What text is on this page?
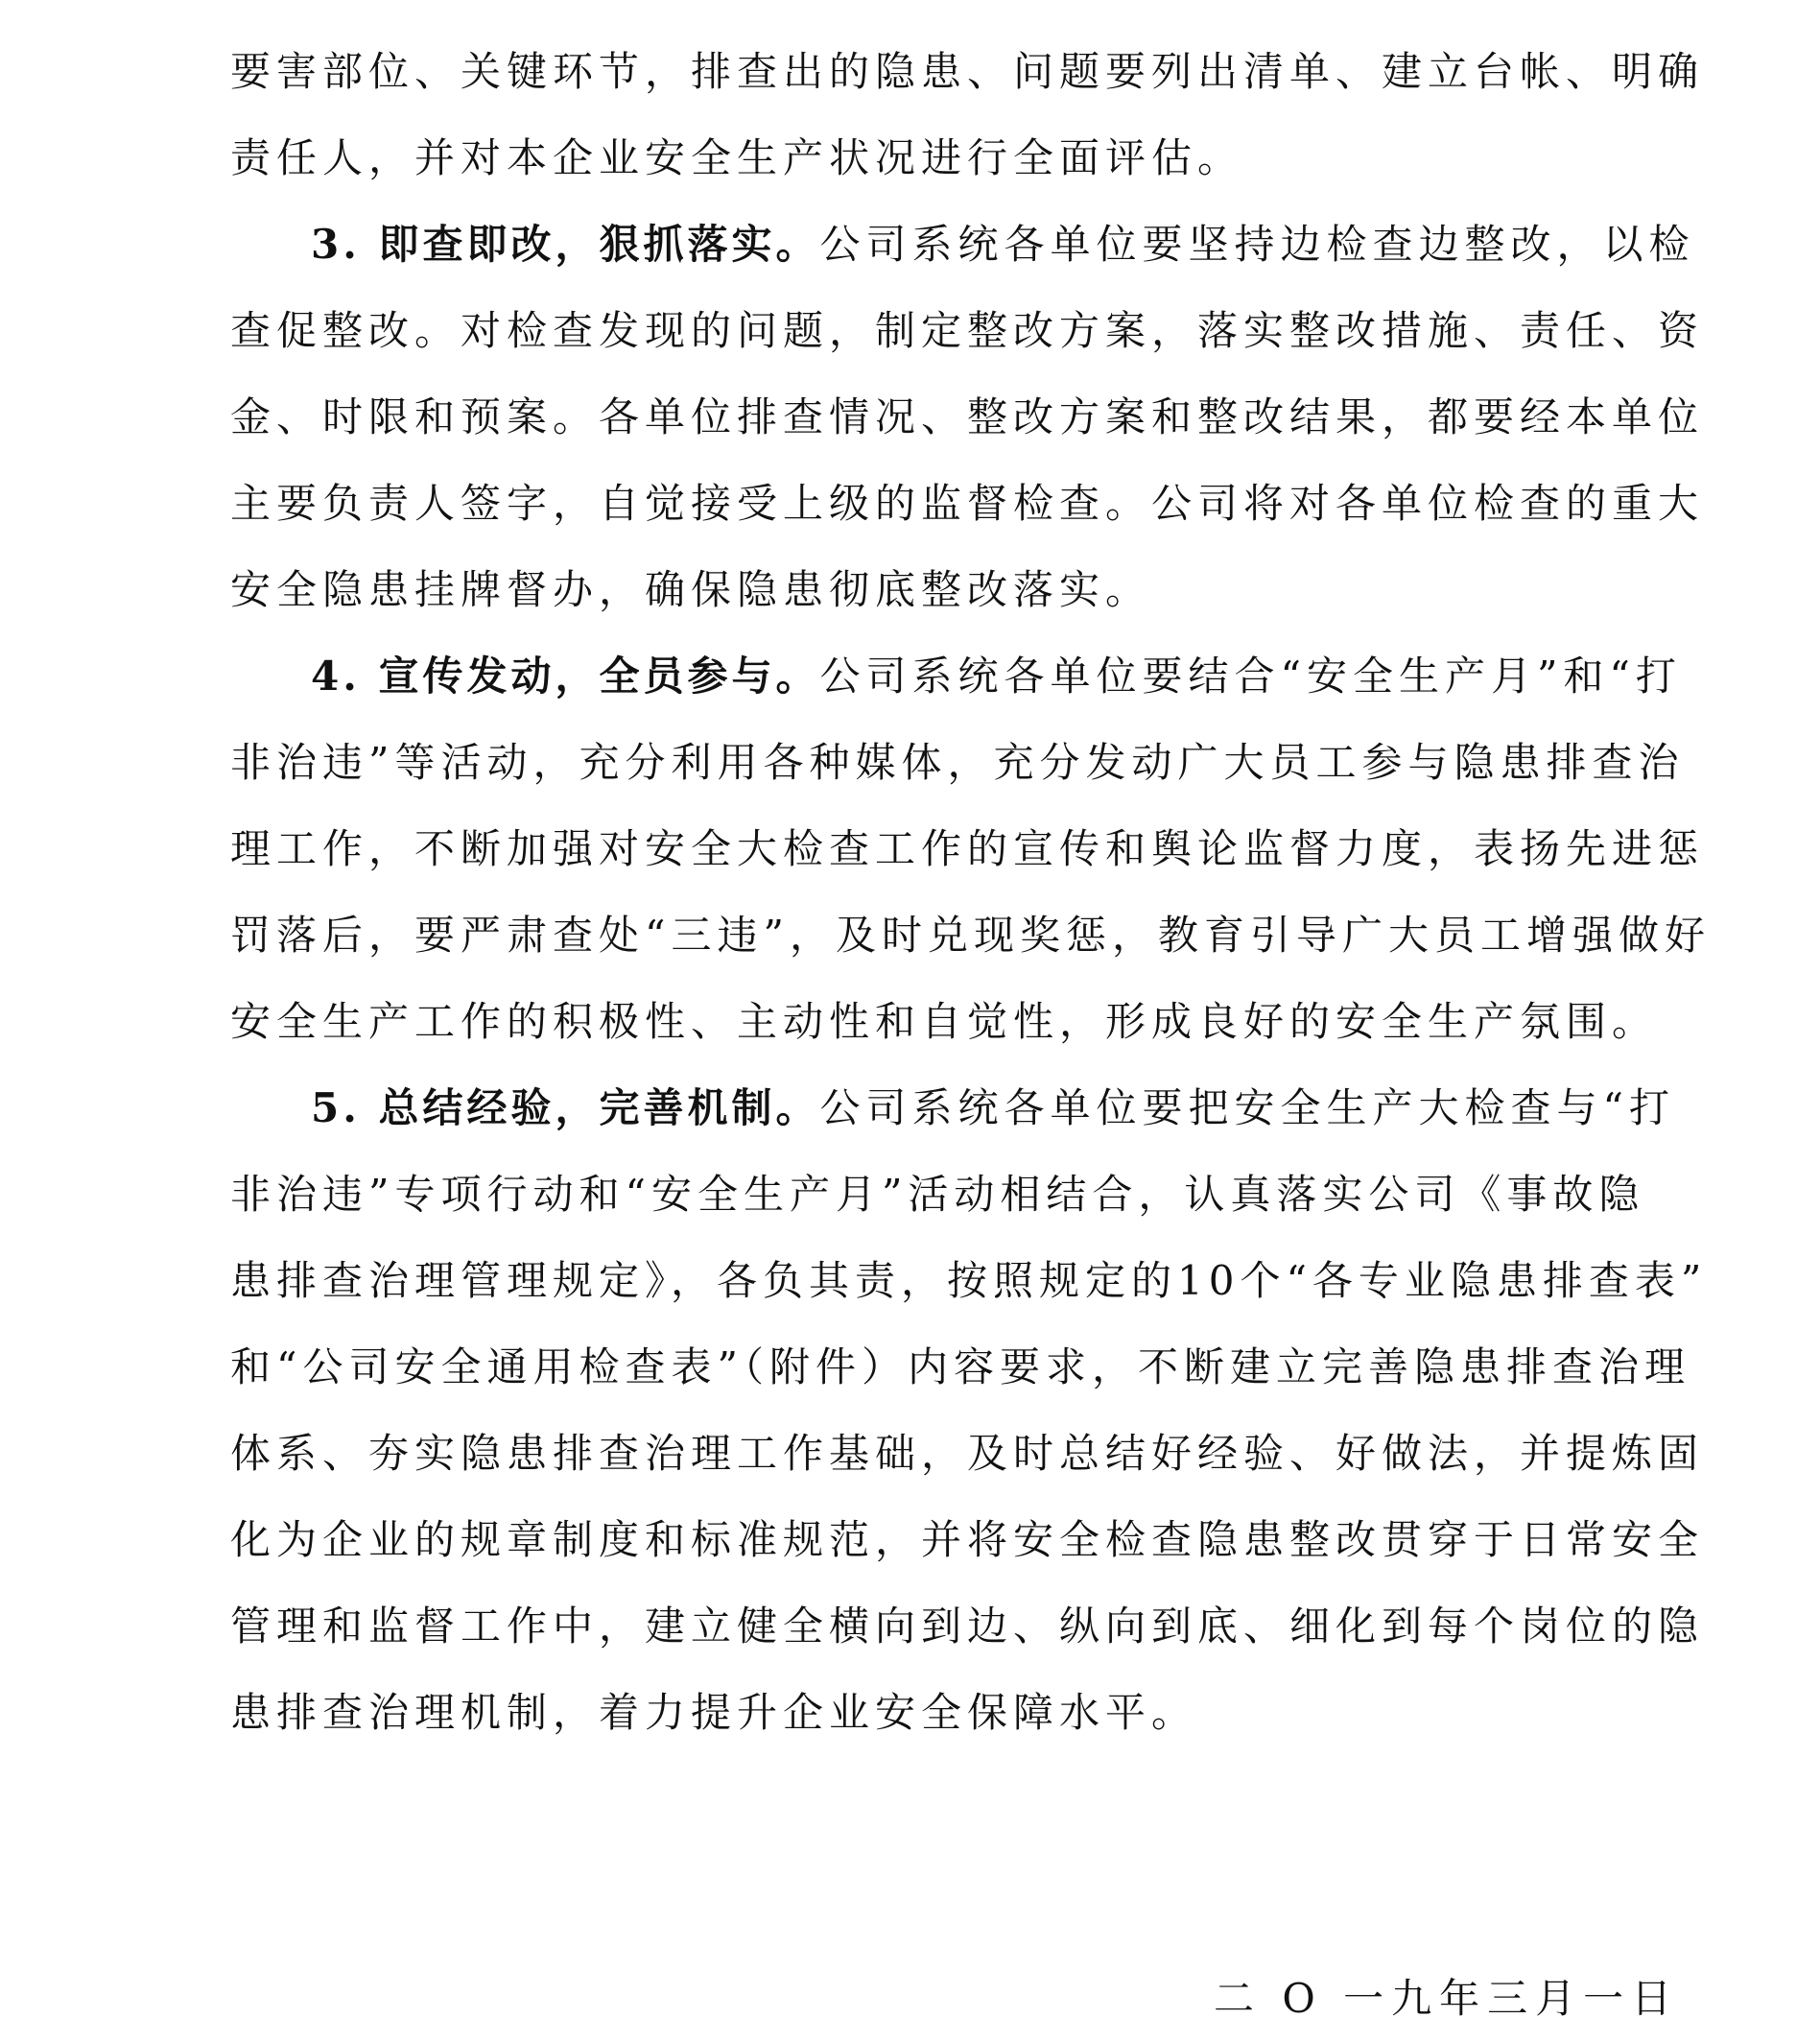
要害部位、关键环节，排查出的隐患、问题要列出清单、建立台帐、明确
责任人，并对本企业安全生产状况进行全面评估。
3. 即查即改，狠抓落实。公司系统各单位要坚持边检查边整改，以检
查促整改。对检查发现的问题，制定整改方案，落实整改措施、责任、资
金、时限和预案。各单位排查情况、整改方案和整改结果，都要经本单位
主要负责人签字，自觉接受上级的监督检查。公司将对各单位检查的重大
安全隐患挂牌督办，确保隐患彻底整改落实。
4. 宣传发动，全员参与。公司系统各单位要结合“安全生产月”和“打
非治违”等活动，充分利用各种媒体，充分发动广大员工参与隐患排查治
理工作，不断加强对安全大检查工作的宣传和舆论监督力度，表扬先进惩
罚落后，要严肃查处“三违”，及时兑现奖惩，教育引导广大员工增强做好
安全生产工作的积极性、主动性和自觉性，形成良好的安全生产氛围。
5. 总结经验，完善机制。公司系统各单位要把安全生产大检查与“打
非治违”专项行动和“安全生产月”活动相结合，认真落实公司《事故隐
患排查治理管理规定》，各负其责，按照规定的10个“各专业隐患排查表”
和“公司安全通用检查表”（附件）内容要求，不断建立完善隐患排查治理
体系、夯实隐患排查治理工作基础，及时总结好经验、好做法，并提炼固
化为企业的规章制度和标准规范，并将安全检查隐患整改贯穿于日常安全
管理和监督工作中，建立健全横向到边、纵向到底、细化到每个岗位的隐
患排查治理机制，着力提升企业安全保障水平。
二 O 一九年三月一日
